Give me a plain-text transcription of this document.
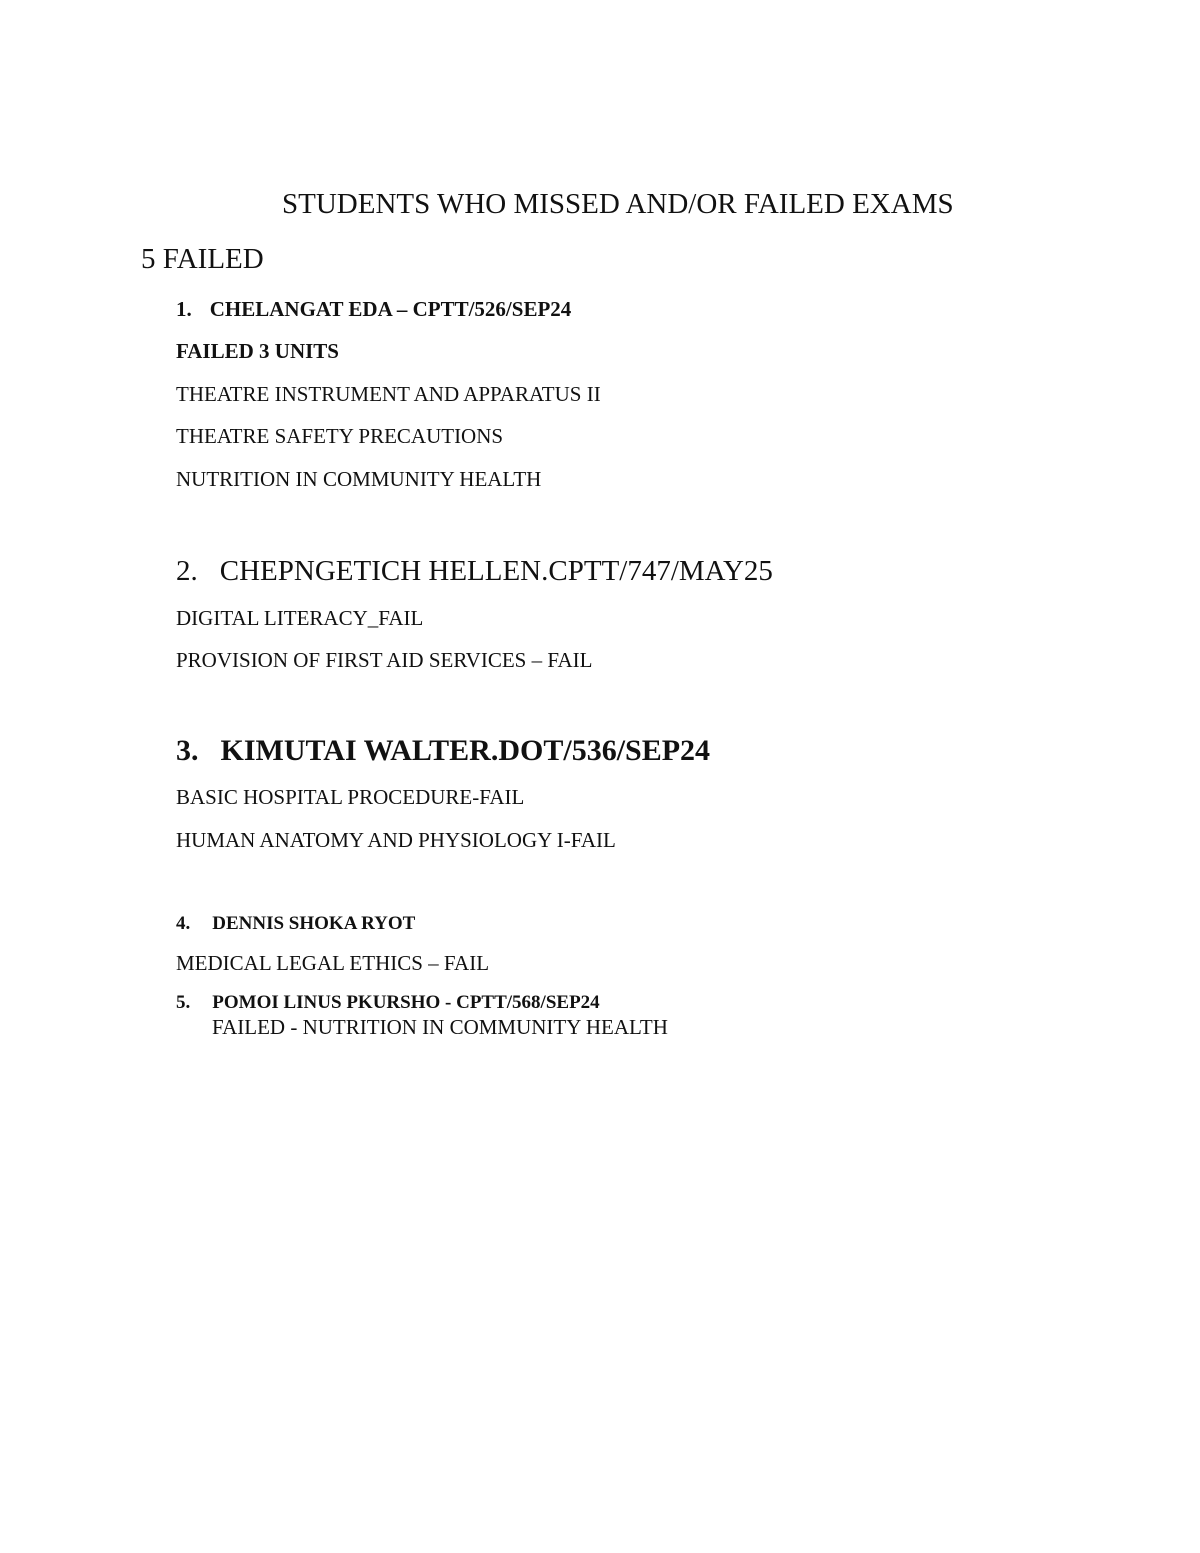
STUDENTS WHO MISSED AND/OR FAILED EXAMS
5 FAILED
1. CHELANGAT EDA – CPTT/526/SEP24
FAILED 3 UNITS
THEATRE INSTRUMENT AND APPARATUS II
THEATRE SAFETY PRECAUTIONS
NUTRITION IN COMMUNITY HEALTH
2. CHEPNGETICH HELLEN.CPTT/747/MAY25
DIGITAL LITERACY_FAIL
PROVISION OF FIRST AID SERVICES – FAIL
3. KIMUTAI WALTER.DOT/536/SEP24
BASIC HOSPITAL PROCEDURE-FAIL
HUMAN ANATOMY AND PHYSIOLOGY I-FAIL
4. DENNIS SHOKA RYOT
MEDICAL LEGAL ETHICS – FAIL
5. POMOI LINUS PKURSHO - CPTT/568/SEP24
FAILED - NUTRITION IN COMMUNITY HEALTH
